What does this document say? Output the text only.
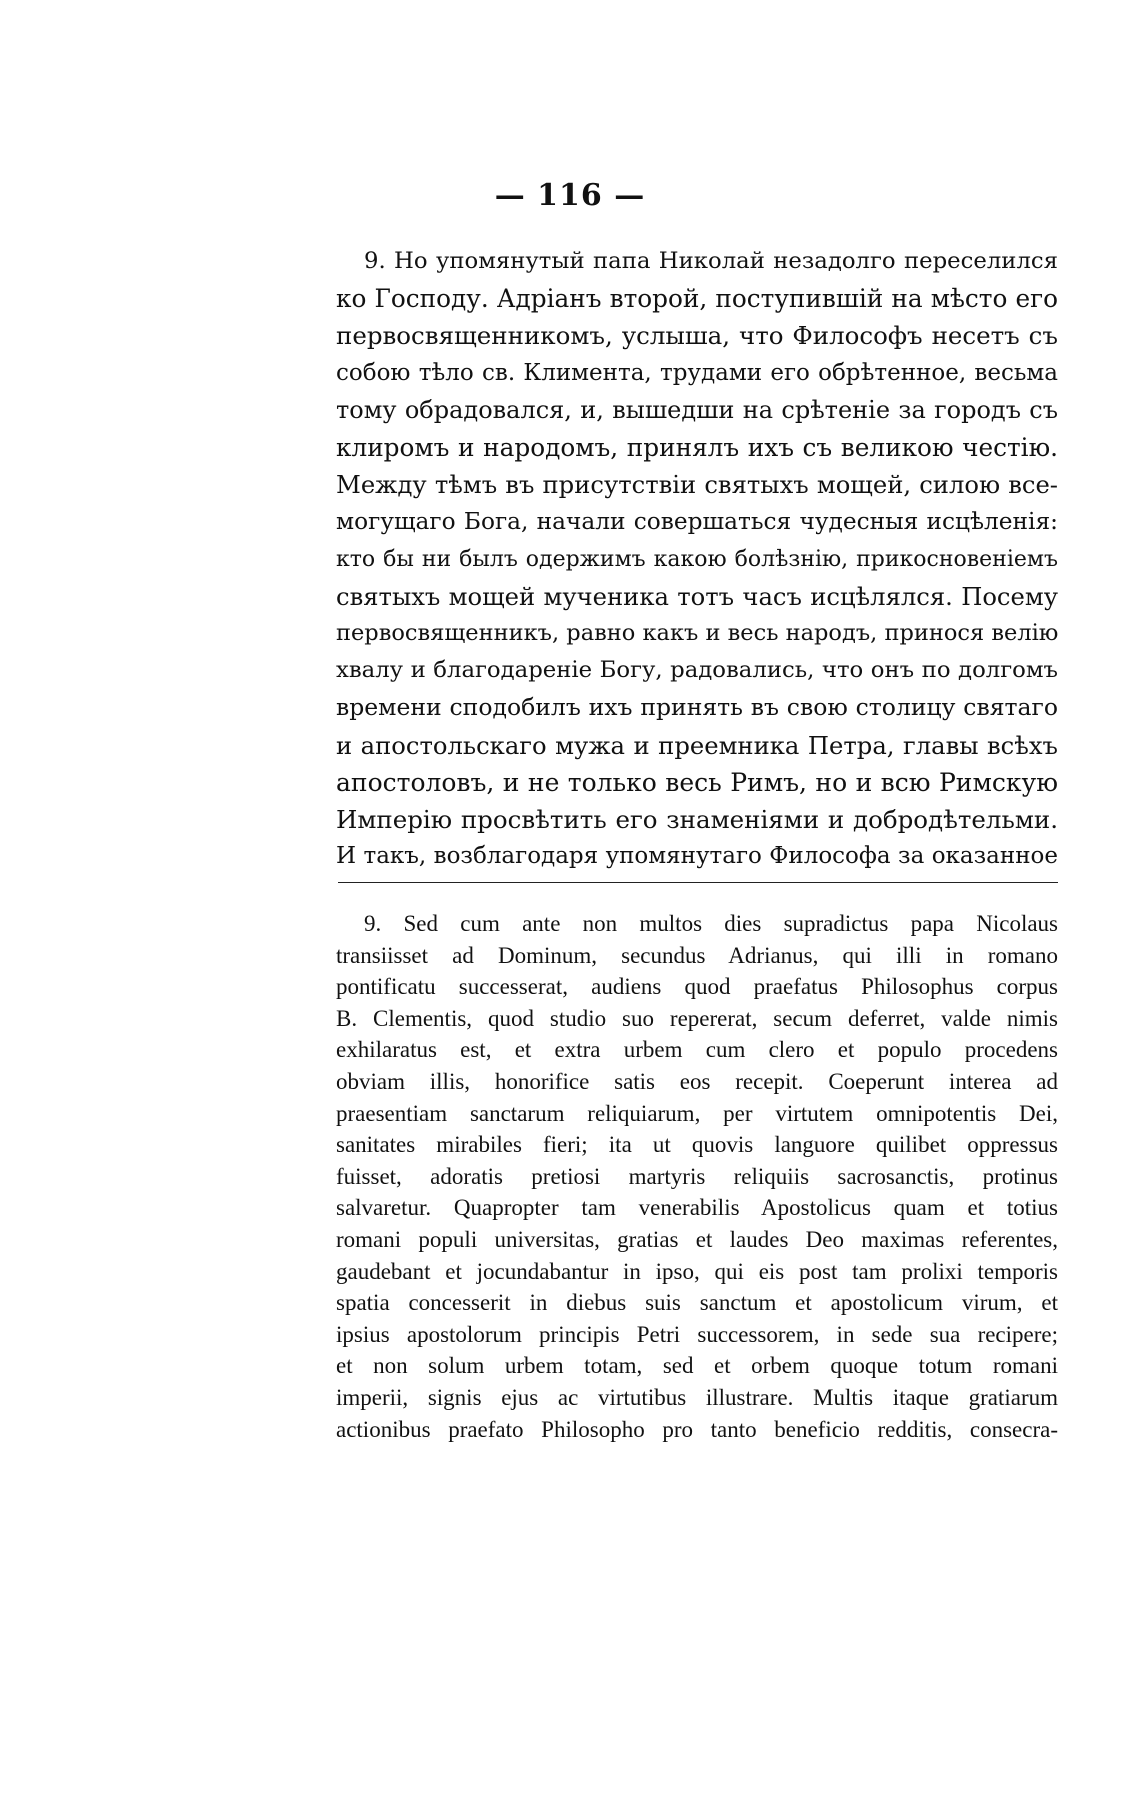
— 116 —
9. Но упомянутый папа Николай незадолго переселился
ко Господу. Адріанъ второй, поступившій на мѣсто его
первосвященникомъ, услыша, что Философъ несетъ съ
собою тѣло св. Климента, трудами его обрѣтенное, весьма
тому обрадовался, и, вышедши на срѣтеніе за городъ съ
клиромъ и народомъ, принялъ ихъ съ великою честію.
Между тѣмъ въ присутствіи святыхъ мощей, силою все-
могущаго Бога, начали совершаться чудесныя исцѣленія:
кто бы ни былъ одержимъ какою болѣзнію, прикосновеніемъ
святыхъ мощей мученика тотъ часъ исцѣлялся. Посему
первосвященникъ, равно какъ и весь народъ, принося велію
хвалу и благодареніе Богу, радовались, что онъ по долгомъ
времени сподобилъ ихъ принять въ свою столицу святаго
и апостольскаго мужа и преемника Петра, главы всѣхъ
апостоловъ, и не только весь Римъ, но и всю Римскую
Имперію просвѣтить его знаменіями и добродѣтельми.
И такъ, возблагодаря упомянутаго Философа за оказанное
9. Sed cum ante non multos dies supradictus papa Nicolaus
transiisset ad Dominum, secundus Adrianus, qui illi in romano
pontificatu successerat, audiens quod praefatus Philosophus corpus
B. Clementis, quod studio suo repererat, secum deferret, valde nimis
exhilaratus est, et extra urbem cum clero et populo procedens
obviam illis, honorifice satis eos recepit. Coeperunt interea ad
praesentiam sanctarum reliquiarum, per virtutem omnipotentis Dei,
sanitates mirabiles fieri; ita ut quovis languore quilibet oppressus
fuisset, adoratis pretiosi martyris reliquiis sacrosanctis, protinus
salvaretur. Quapropter tam venerabilis Apostolicus quam et totius
romani populi universitas, gratias et laudes Deo maximas referentes,
gaudebant et jocundabantur in ipso, qui eis post tam prolixi temporis
spatia concesserit in diebus suis sanctum et apostolicum virum, et
ipsius apostolorum principis Petri successorem, in sede sua recipere;
et non solum urbem totam, sed et orbem quoque totum romani
imperii, signis ejus ac virtutibus illustrare. Multis itaque gratiarum
actionibus praefato Philosopho pro tanto beneficio redditis, consecra-
